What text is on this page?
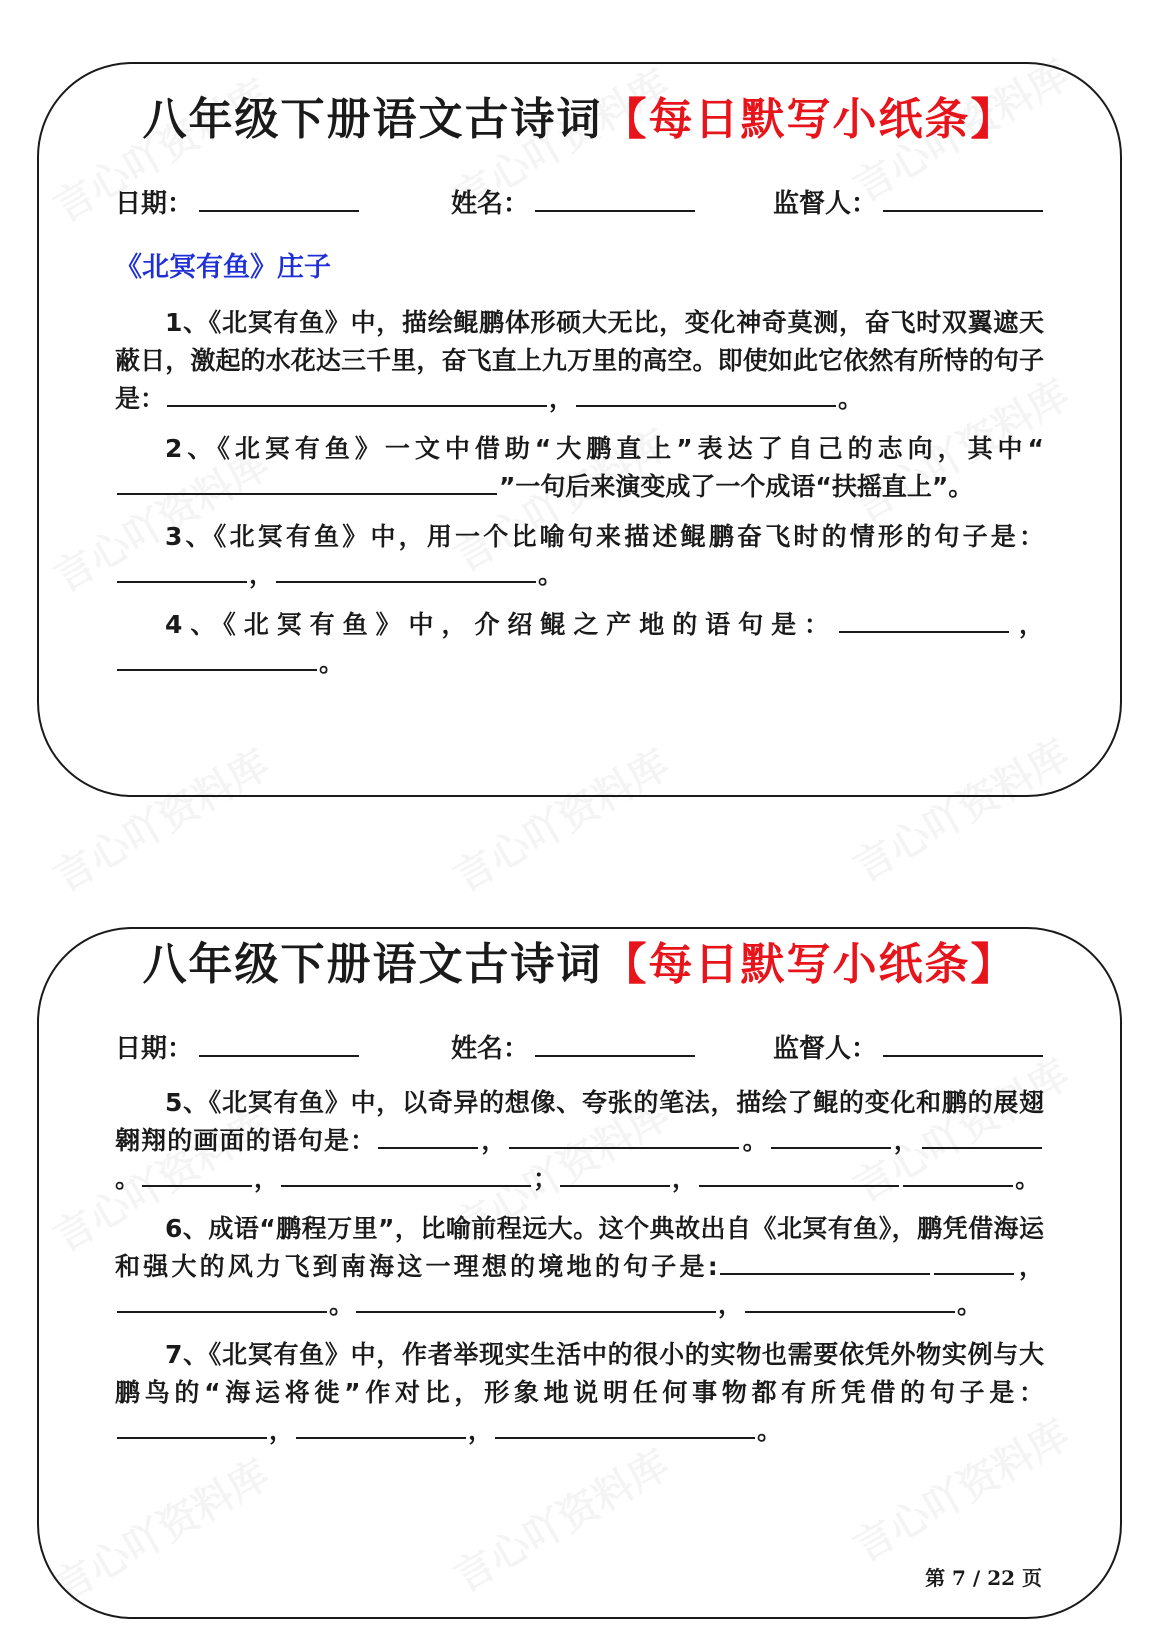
八年级下册语文古诗词【每日默写小纸条】
日期：	姓名：	监督人：
《北冥有鱼》庄子

1、《北冥有鱼》中，描绘鲲鹏体形硕大无比，变化神奇莫测，奋飞时双翼遮天蔽日，激起的水花达三千里，奋飞直上九万里的高空。即使如此它依然有所恃的句子是：	，	。

2、《北冥有鱼》一文中借助“大鹏直上”表达了自己的志向，其中“”一句后来演变成了一个成语“扶摇直上”。

3、《北冥有鱼》中，用一个比喻句来描述鲲鹏奋飞时的情形的句子是：，	。

4、《北冥有鱼》中，介绍鲲之产地的语句是：	，。

八年级下册语文古诗词【每日默写小纸条】
日期：	姓名：	监督人：

5、《北冥有鱼》中，以奇异的想像、夸张的笔法，描绘了鲲的变化和鹏的展翅翱翔的画面的语句是：	，	。	，。	，	；	，	。

6、成语“鹏程万里”，比喻前程远大。这个典故出自《北冥有鱼》，鹏凭借海运和强大的风力飞到南海这一理想的境地的句子是:	，。	，	。

7、《北冥有鱼》中，作者举现实生活中的很小的实物也需要依凭外物实例与大鹏鸟的“海运将徙”作对比，形象地说明任何事物都有所凭借的句子是：，	，	。

第 7 / 22 页
